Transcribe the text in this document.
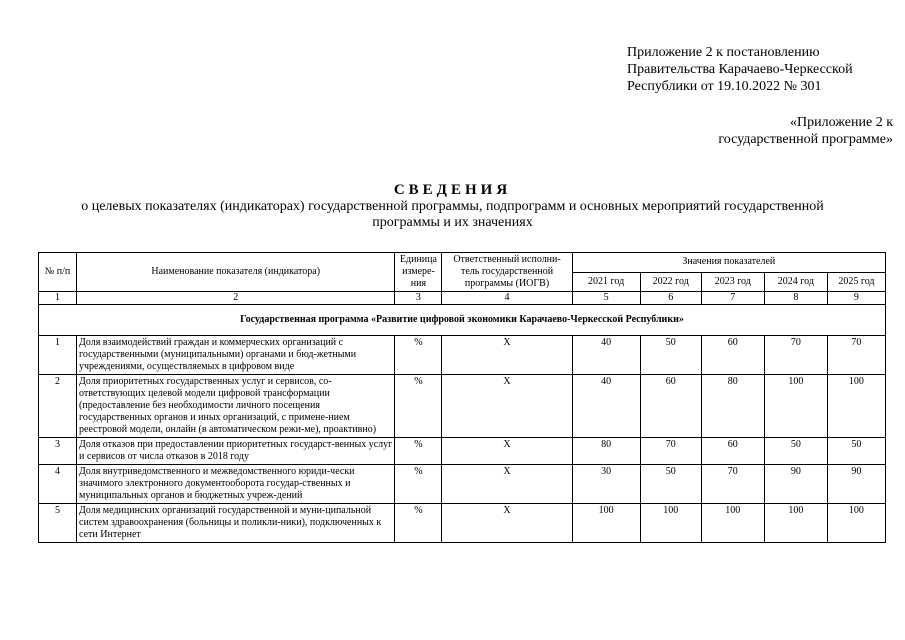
Приложение 2 к постановлению
Правительства Карачаево-Черкесской
Республики от 19.10.2022 № 301
«Приложение 2 к
государственной программе»
СВЕДЕНИЯ
о целевых показателях (индикаторах) государственной программы, подпрограмм и основных мероприятий государственной программы и их значениях
№ п/п	Наименование показателя (индикатора)	Единица измере-ния	Ответственный исполни-тель государственной программы (ИОГВ)	Значения показателей				
				2021 год	2022 год	2023 год	2024 год	2025 год
1	2	3	4	5	6	7	8	9
Государственная программа «Развитие цифровой экономики Карачаево-Черкесской Республики»								
1	Доля взаимодействий граждан и коммерческих организаций с государственными (муниципальными) органами и бюд-жетными учреждениями, осуществляемых в цифровом виде	%	Х	40	50	60	70	70
2	Доля приоритетных государственных услуг и сервисов, со-ответствующих целевой модели цифровой трансформации (предоставление без необходимости личного посещения государственных органов и иных организаций, с примене-нием реестровой модели, онлайн (в автоматическом режи-ме), проактивно)	%	Х	40	60	80	100	100
3	Доля отказов при предоставлении приоритетных государст-венных услуг и сервисов от числа отказов в 2018 году	%	Х	80	70	60	50	50
4	Доля внутриведомственного и межведомственного юриди-чески значимого электронного документооборота государ-ственных и муниципальных органов и бюджетных учреж-дений	%	Х	30	50	70	90	90
5	Доля медицинских организаций государственной и муни-ципальной систем здравоохранения (больницы и поликли-ники), подключенных к сети Интернет	%	Х	100	100	100	100	100
